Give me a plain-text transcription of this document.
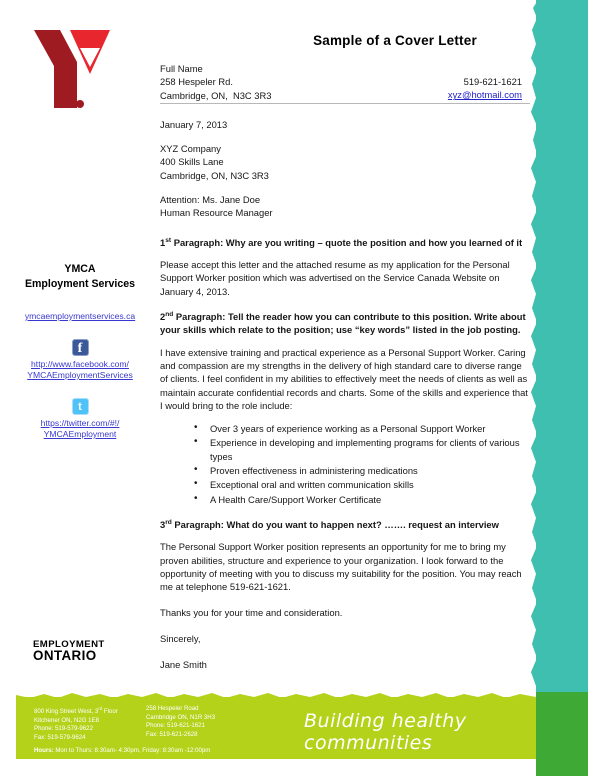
Sample of a Cover Letter
Full Name
258 Hespeler Rd.
Cambridge, ON,  N3C 3R3
519-621-1621
xyz@hotmail.com
January 7, 2013
XYZ Company
400 Skills Lane
Cambridge, ON, N3C 3R3
Attention: Ms. Jane Doe
Human Resource Manager
1st Paragraph: Why are you writing – quote the position and how you learned of it
Please accept this letter and the attached resume as my application for the Personal Support Worker position which was advertised on the Service Canada Website on January 4, 2013.
2nd Paragraph: Tell the reader how you can contribute to this position. Write about your skills which relate to the position; use “key words” listed in the job posting.
I have extensive training and practical experience as a Personal Support Worker. Caring and compassion are my strengths in the delivery of high standard care to diverse range of clients. I feel confident in my abilities to effectively meet the needs of clients as well as maintain accurate confidential records and charts. Some of the skills and experience that I would bring to the role include:
• Over 3 years of experience working as a Personal Support Worker
• Experience in developing and implementing programs for clients of various types
• Proven effectiveness in administering medications
• Exceptional oral and written communication skills
• A Health Care/Support Worker Certificate
3rd Paragraph: What do you want to happen next? ……. request an interview
The Personal Support Worker position represents an opportunity for me to bring my proven abilities, structure and experience to your organization. I look forward to the opportunity of meeting with you to discuss my suitability for the position. You may reach me at telephone 519-621-1621.
Thanks you for your time and consideration.
Sincerely,
Jane Smith
YMCA
Employment Services
ymcaemploymentservices.ca
f
http://www.facebook.com/
YMCAEmploymentServices
t
https://twitter.com/#!/
YMCAEmployment
EMPLOYMENT
ONTARIO
800 King Street West, 3rd Floor
Kitchener ON, N2G 1E8
Phone: 519-579-9622
Fax: 519-579-9624
258 Hespeler Road
Cambridge ON, N1R 3H3
Phone: 519-621-1621
Fax: 519-621-2628
Hours: Mon to Thurs: 8:30am- 4:30pm, Friday: 8:30am -12:00pm
Building healthy communities
